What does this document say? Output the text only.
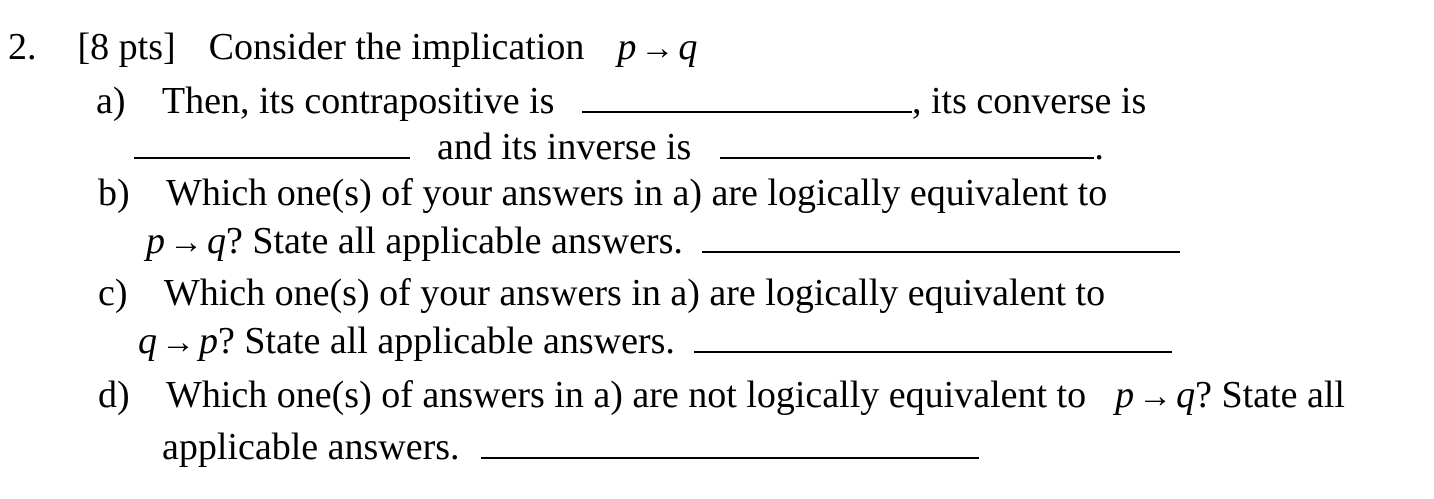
2. [8 pts] Consider the implication p → q
a) Then, its contrapositive is	, its converse is
and its inverse is	.
b) Which one(s) of your answers in a) are logically equivalent to
p → q? State all applicable answers.
c) Which one(s) of your answers in a) are logically equivalent to
q → p? State all applicable answers.
d) Which one(s) of answers in a) are not logically equivalent to p → q? State all
applicable answers.
